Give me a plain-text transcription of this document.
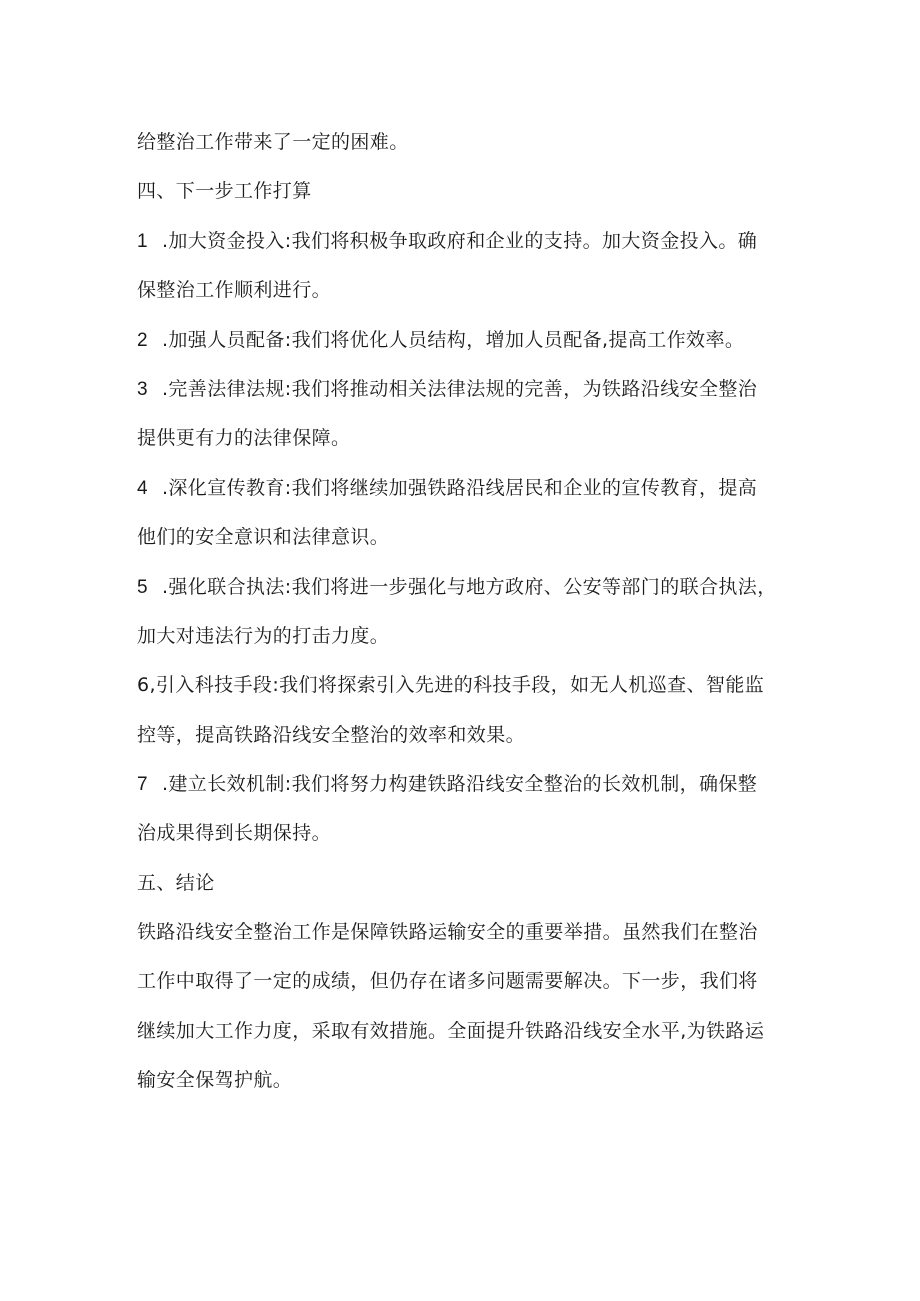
给整治工作带来了一定的困难。
四、下一步工作打算
1 .加大资金投入:我们将积极争取政府和企业的支持。加大资金投入。确
保整治工作顺利进行。
2 .加强人员配备:我们将优化人员结构，增加人员配备,提高工作效率。
3 .完善法律法规:我们将推动相关法律法规的完善，为铁路沿线安全整治
提供更有力的法律保障。
4 .深化宣传教育:我们将继续加强铁路沿线居民和企业的宣传教育，提高
他们的安全意识和法律意识。
5 .强化联合执法:我们将进一步强化与地方政府、公安等部门的联合执法，
加大对违法行为的打击力度。
6,引入科技手段:我们将探索引入先进的科技手段，如无人机巡查、智能监
控等，提高铁路沿线安全整治的效率和效果。
7 .建立长效机制:我们将努力构建铁路沿线安全整治的长效机制，确保整
治成果得到长期保持。
五、结论
铁路沿线安全整治工作是保障铁路运输安全的重要举措。虽然我们在整治
工作中取得了一定的成绩，但仍存在诸多问题需要解决。下一步，我们将
继续加大工作力度，采取有效措施。全面提升铁路沿线安全水平,为铁路运
输安全保驾护航。
